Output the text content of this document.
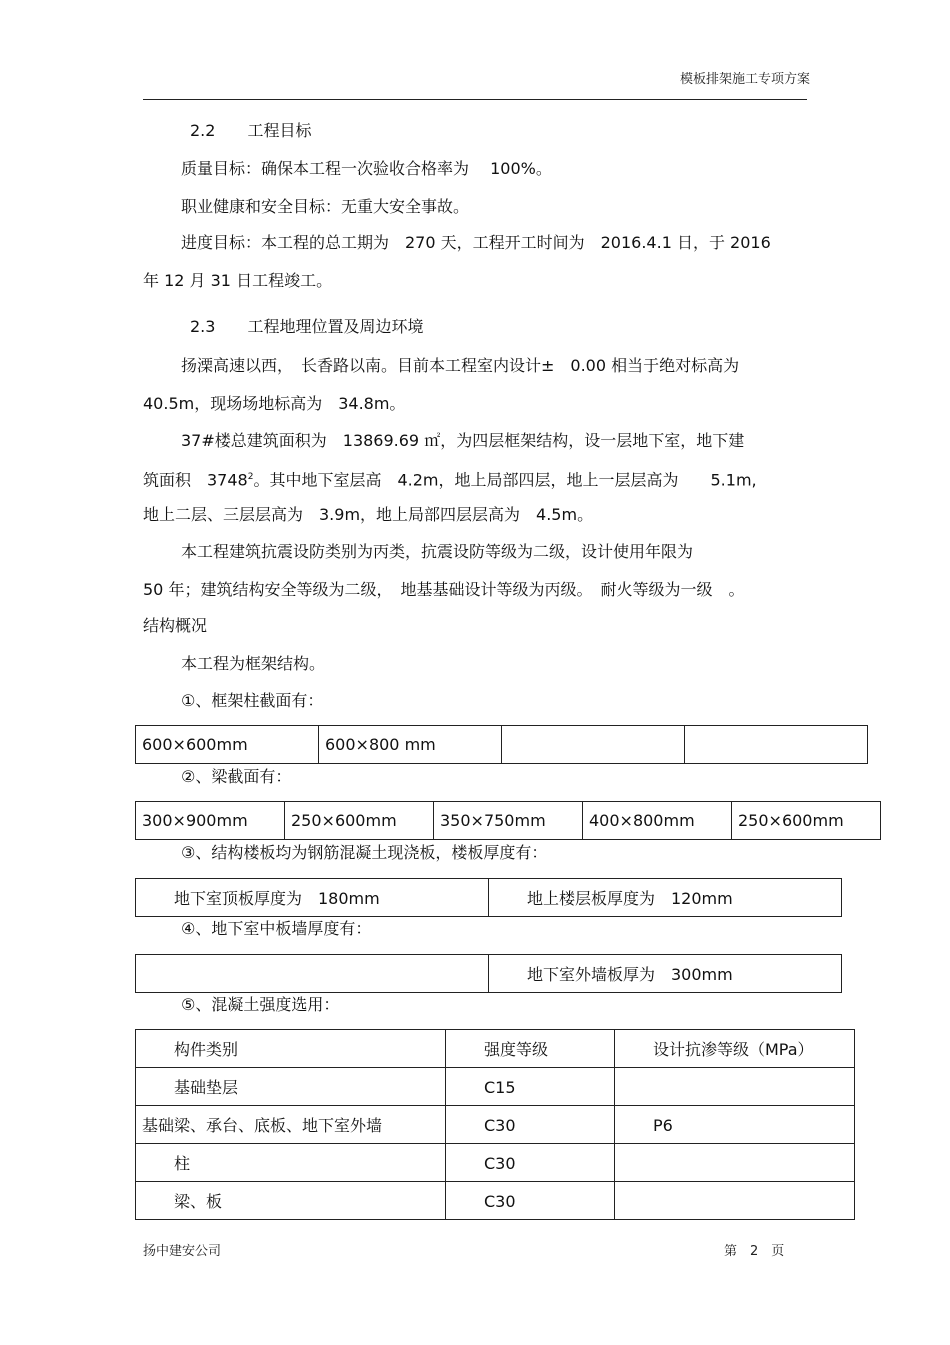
模板排架施工专项方案
2.2　　工程目标
质量目标：确保本工程一次验收合格率为　 100%。
职业健康和安全目标：无重大安全事故。
进度目标：本工程的总工期为　270 天，工程开工时间为　2016.4.1 日，于 2016
年 12 月 31 日工程竣工。
2.3　　工程地理位置及周边环境
扬溧高速以西，　长香路以南。目前本工程室内设计±　0.00 相当于绝对标高为
40.5m，现场场地标高为　34.8m。
37#楼总建筑面积为　13869.69 ㎡，为四层框架结构，设一层地下室，地下建
筑面积　3748$^2$。其中地下室层高　4.2m，地上局部四层，地上一层层高为　　5.1m,
地上二层、三层层高为　3.9m，地上局部四层层高为　4.5m。
本工程建筑抗震设防类别为丙类，抗震设防等级为二级，设计使用年限为
50 年；建筑结构安全等级为二级，　地基基础设计等级为丙级。　耐火等级为一级　。
结构概况
本工程为框架结构。
①、框架柱截面有：
600×600mm	600×800 mm		
②、梁截面有：
300×900mm	250×600mm	350×750mm	400×800mm	250×600mm
③、结构楼板均为钢筋混凝土现浇板，楼板厚度有：
　　地下室顶板厚度为　180mm	　　地上楼层板厚度为　120mm
④、地下室中板墙厚度有：
	　　地下室外墙板厚为　300mm
⑤、混凝土强度选用：
　　构件类别	　　强度等级	　　设计抗渗等级（MPa）
　　基础垫层	　　C15	
基础梁、承台、底板、地下室外墙	　　C30	　　P6
　　柱	　　C30	
　　梁、板	　　C30	
扬中建安公司	第　2　页
